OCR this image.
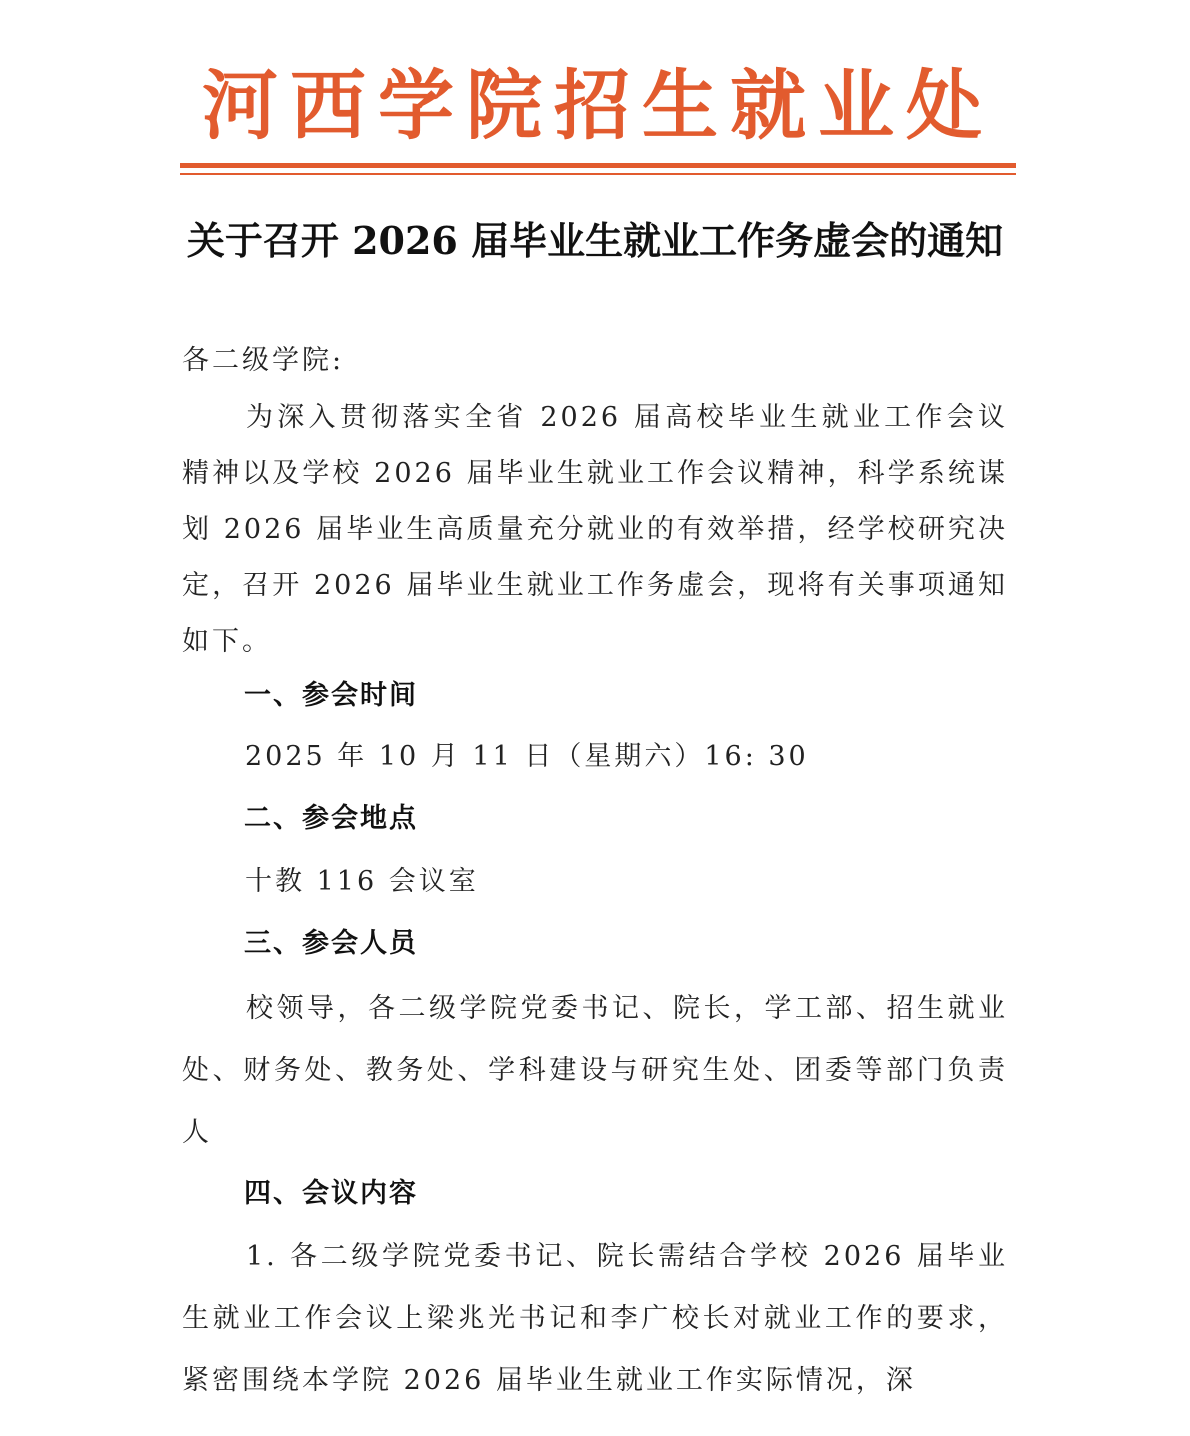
河西学院招生就业处
关于召开 2026 届毕业生就业工作务虚会的通知
各二级学院:
为深入贯彻落实全省 2026 届高校毕业生就业工作会议精神以及学校 2026 届毕业生就业工作会议精神，科学系统谋划 2026 届毕业生高质量充分就业的有效举措，经学校研究决定，召开 2026 届毕业生就业工作务虚会，现将有关事项通知如下。
一、参会时间
2025 年 10 月 11 日（星期六）16: 30
二、参会地点
十教 116 会议室
三、参会人员
校领导，各二级学院党委书记、院长，学工部、招生就业处、财务处、教务处、学科建设与研究生处、团委等部门负责人
四、会议内容
1. 各二级学院党委书记、院长需结合学校 2026 届毕业生就业工作会议上梁兆光书记和李广校长对就业工作的要求，紧密围绕本学院 2026 届毕业生就业工作实际情况，深
